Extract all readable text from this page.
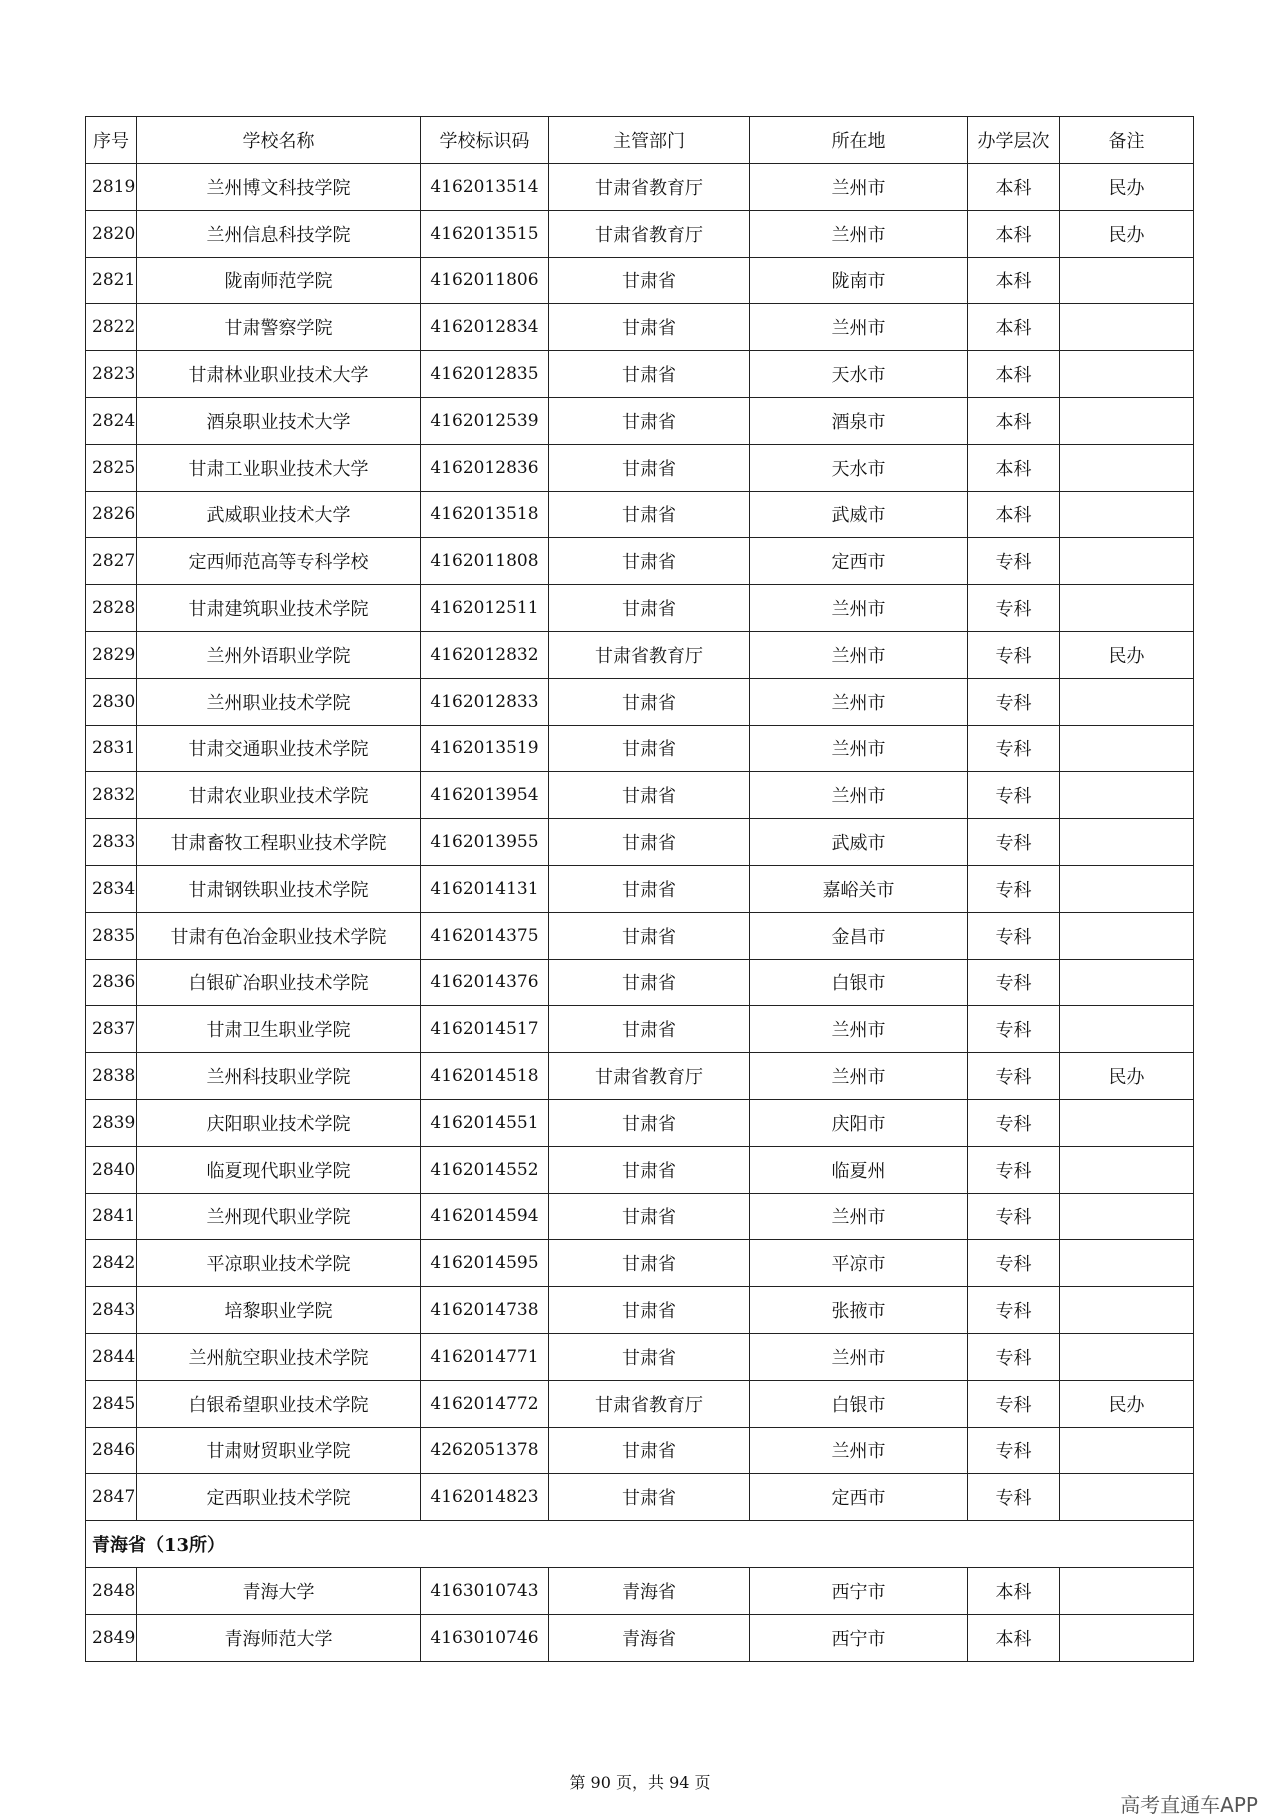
序号	学校名称	学校标识码	主管部门	所在地	办学层次	备注
2819	兰州博文科技学院	4162013514	甘肃省教育厅	兰州市	本科	民办
2820	兰州信息科技学院	4162013515	甘肃省教育厅	兰州市	本科	民办
2821	陇南师范学院	4162011806	甘肃省	陇南市	本科	
2822	甘肃警察学院	4162012834	甘肃省	兰州市	本科	
2823	甘肃林业职业技术大学	4162012835	甘肃省	天水市	本科	
2824	酒泉职业技术大学	4162012539	甘肃省	酒泉市	本科	
2825	甘肃工业职业技术大学	4162012836	甘肃省	天水市	本科	
2826	武威职业技术大学	4162013518	甘肃省	武威市	本科	
2827	定西师范高等专科学校	4162011808	甘肃省	定西市	专科	
2828	甘肃建筑职业技术学院	4162012511	甘肃省	兰州市	专科	
2829	兰州外语职业学院	4162012832	甘肃省教育厅	兰州市	专科	民办
2830	兰州职业技术学院	4162012833	甘肃省	兰州市	专科	
2831	甘肃交通职业技术学院	4162013519	甘肃省	兰州市	专科	
2832	甘肃农业职业技术学院	4162013954	甘肃省	兰州市	专科	
2833	甘肃畜牧工程职业技术学院	4162013955	甘肃省	武威市	专科	
2834	甘肃钢铁职业技术学院	4162014131	甘肃省	嘉峪关市	专科	
2835	甘肃有色冶金职业技术学院	4162014375	甘肃省	金昌市	专科	
2836	白银矿冶职业技术学院	4162014376	甘肃省	白银市	专科	
2837	甘肃卫生职业学院	4162014517	甘肃省	兰州市	专科	
2838	兰州科技职业学院	4162014518	甘肃省教育厅	兰州市	专科	民办
2839	庆阳职业技术学院	4162014551	甘肃省	庆阳市	专科	
2840	临夏现代职业学院	4162014552	甘肃省	临夏州	专科	
2841	兰州现代职业学院	4162014594	甘肃省	兰州市	专科	
2842	平凉职业技术学院	4162014595	甘肃省	平凉市	专科	
2843	培黎职业学院	4162014738	甘肃省	张掖市	专科	
2844	兰州航空职业技术学院	4162014771	甘肃省	兰州市	专科	
2845	白银希望职业技术学院	4162014772	甘肃省教育厅	白银市	专科	民办
2846	甘肃财贸职业学院	4262051378	甘肃省	兰州市	专科	
2847	定西职业技术学院	4162014823	甘肃省	定西市	专科	
青海省（13所）						
2848	青海大学	4163010743	青海省	西宁市	本科	
2849	青海师范大学	4163010746	青海省	西宁市	本科	
第 90 页，共 94 页
高考直通车APP
